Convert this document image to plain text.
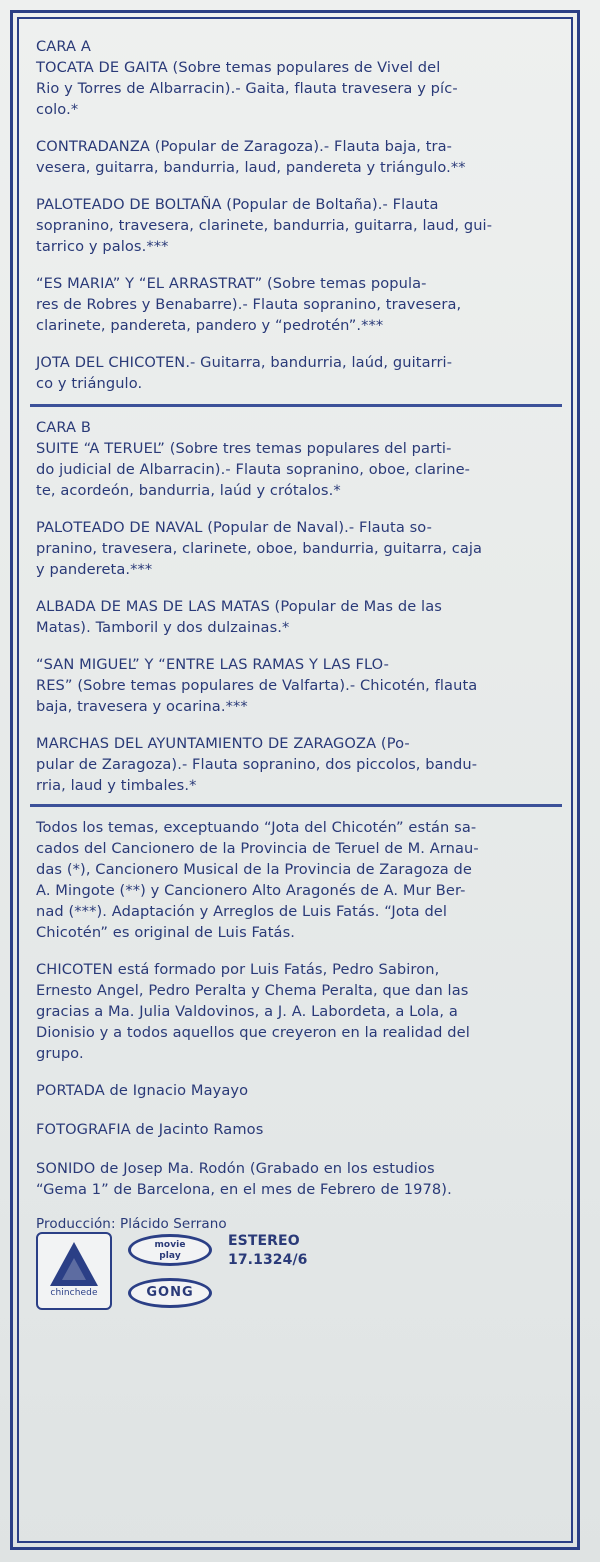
CARA A

TOCATA DE GAITA (Sobre temas populares de Vivel del

Rio y Torres de Albarracin).- Gaita, flauta travesera y píc-

colo.*

CONTRADANZA (Popular de Zaragoza).- Flauta baja, tra-

vesera, guitarra, bandurria, laud, pandereta y triángulo.**

PALOTEADO DE BOLTAÑA (Popular de Boltaña).- Flauta

sopranino, travesera, clarinete, bandurria, guitarra, laud, gui-

tarrico y palos.***

“ES MARIA” Y “EL ARRASTRAT” (Sobre temas popula-

res de Robres y Benabarre).- Flauta sopranino, travesera,

clarinete, pandereta, pandero y “pedrotén”.***

JOTA DEL CHICOTEN.- Guitarra, bandurria, laúd, guitarri-

co y triángulo.

CARA B

SUITE “A TERUEL” (Sobre tres temas populares del parti-

do judicial de Albarracin).- Flauta sopranino, oboe, clarine-

te, acordeón, bandurria, laúd y crótalos.*

PALOTEADO DE NAVAL (Popular de Naval).- Flauta so-

pranino, travesera, clarinete, oboe, bandurria, guitarra, caja

y pandereta.***

ALBADA DE MAS DE LAS MATAS (Popular de Mas de las

Matas). Tamboril y dos dulzainas.*

“SAN MIGUEL” Y “ENTRE LAS RAMAS Y LAS FLO-

RES” (Sobre temas populares de Valfarta).- Chicotén, flauta

baja, travesera y ocarina.***

MARCHAS DEL AYUNTAMIENTO DE ZARAGOZA (Po-

pular de Zaragoza).- Flauta sopranino, dos piccolos, bandu-

rria, laud y timbales.*

Todos los temas, exceptuando “Jota del Chicotén” están sa-
cados del Cancionero de la Provincia de Teruel de M. Arnau-
das (*), Cancionero Musical de la Provincia de Zaragoza de
A. Mingote (**) y Cancionero Alto Aragonés de A. Mur Ber-
nad (***). Adaptación y Arreglos de Luis Fatás. “Jota del
Chicotén” es original de Luis Fatás.

CHICOTEN está formado por Luis Fatás, Pedro Sabiron,
Ernesto Angel, Pedro Peralta y Chema Peralta, que dan las
gracias a Ma. Julia Valdovinos, a J. A. Labordeta, a Lola, a
Dionisio y a todos aquellos que creyeron en la realidad del
grupo.

PORTADA de Ignacio Mayayo

FOTOGRAFIA de Jacinto Ramos

SONIDO de Josep Ma. Rodón (Grabado en los estudios
“Gema 1” de Barcelona, en el mes de Febrero de 1978).

Producción: Plácido Serrano
chinchede
movie
play
GONG
ESTEREO
17.1324/6
